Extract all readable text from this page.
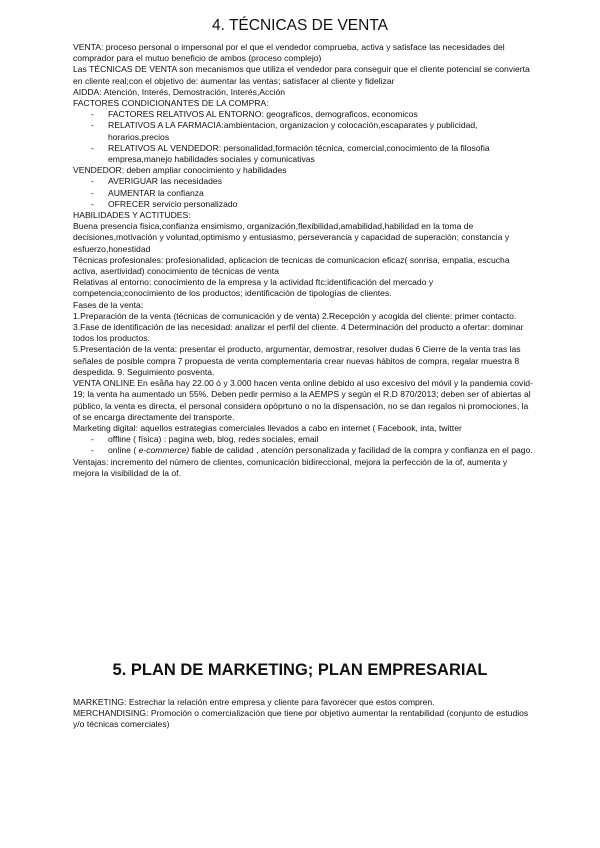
4. TÉCNICAS DE VENTA

VENTA: proceso personal o impersonal por el que el vendedor comprueba, activa y satisface las necesidades del comprador para el mutuo beneficio de ambos (proceso complejo)

Las TÉCNICAS DE VENTA son mecanismos que utiliza el vendedor para conseguir que el cliente potencial se convierta en cliente real;con el objetivo de: aumentar las ventas; satisfacer al cliente y fidelizar

AIDDA: Atención, Interés, Demostración, Interés,Acción

FACTORES CONDICIONANTES DE LA COMPRA:

- FACTORES RELATIVOS AL ENTORNO: geograficos, demograficos, economicos
- RELATIVOS A LA FARMACIA:ambientacion, organizacion y colocación,escaparates y publicidad, horarios,precios
- RELATIVOS AL VENDEDOR: personalidad,formación técnica, comercial,conocimiento de la filosofia empresa,manejo habilidades sociales y comunicativas

VENDEDOR: deben ampliar conocimiento y habilidades

- AVERIGUAR las necesidades
- AUMENTAR la confianza
- OFRECER servicio personalizado

HABILIDADES Y ACTITUDES:

Buena presencia fisica,confianza ensimismo, organización,flexibilidad,amabilidad,habilidad en la toma de decisiones,motivación y voluntad,optimismo y entusiasmo, perseverancia y capacidad de superación; constancia y esfuerzo,honestidad

Técnicas profesionales: profesionalidad, aplicacion de tecnicas de comunicacion eficaz( sonrisa, empatia, escucha activa, asertividad) conocimiento de técnicas de venta

Relativas al entorno: conocimiento de la empresa y la actividad ftc;identificación del mercado y competencia;conocimiento de los productos; identificación de tipologías de clientes.

Fases de la venta:

1.Preparación de la venta (técnicas de comunicación y de venta) 2.Recepción y acogida del cliente: primer contacto. 3.Fase de identificación de las necesidad: analizar el perfil del cliente. 4 Determinación del producto a ofertar: dominar todos los productos.

5.Presentación de la venta: presentar el producto, argumentar, demostrar, resolver dudas 6 Cierre de la venta tras las señales de posible compra 7 propuesta de venta complementaria crear nuevas hábitos de compra, regalar muestra 8 despedida. 9. Seguimiento posventa.

VENTA ONLINE En esåña hay 22.00 ó y 3.000 hacen venta online debido al uso excesivo del móvil y la pandemia covid-19; la venta ha aumentado un 55%. Deben pedir permiso a la AEMPS y según el R.D 870/2013; deben ser of abiertas al público, la venta es directa, el personal considera opòprtuno o no la dispensación, no se dan regalos ni promociones, la of se encarga directamente del transporte.

Marketing digital: aquellos estrategias comerciales llevados a cabo en internet ( Facebook, inta, twitter

- offline ( física) : pagina web, blog, redes sociales, email
- online ( e-commerce) fiable de calidad , atención personalizada y facilidad de la compra y confianza en el pago.

Ventajas: incremento del número de clientes, comunicación bidireccional, mejora la perfección de la of, aumenta y mejora la visibilidad de la of.

5. PLAN DE MARKETING; PLAN EMPRESARIAL

MARKETING: Estrechar la relación entre empresa y cliente para favorecer que estos compren.

MERCHANDISING: Promoción o comercialización que tiene por objetivo aumentar la rentabilidad (conjunto de estudios y/o técnicas comerciales)
